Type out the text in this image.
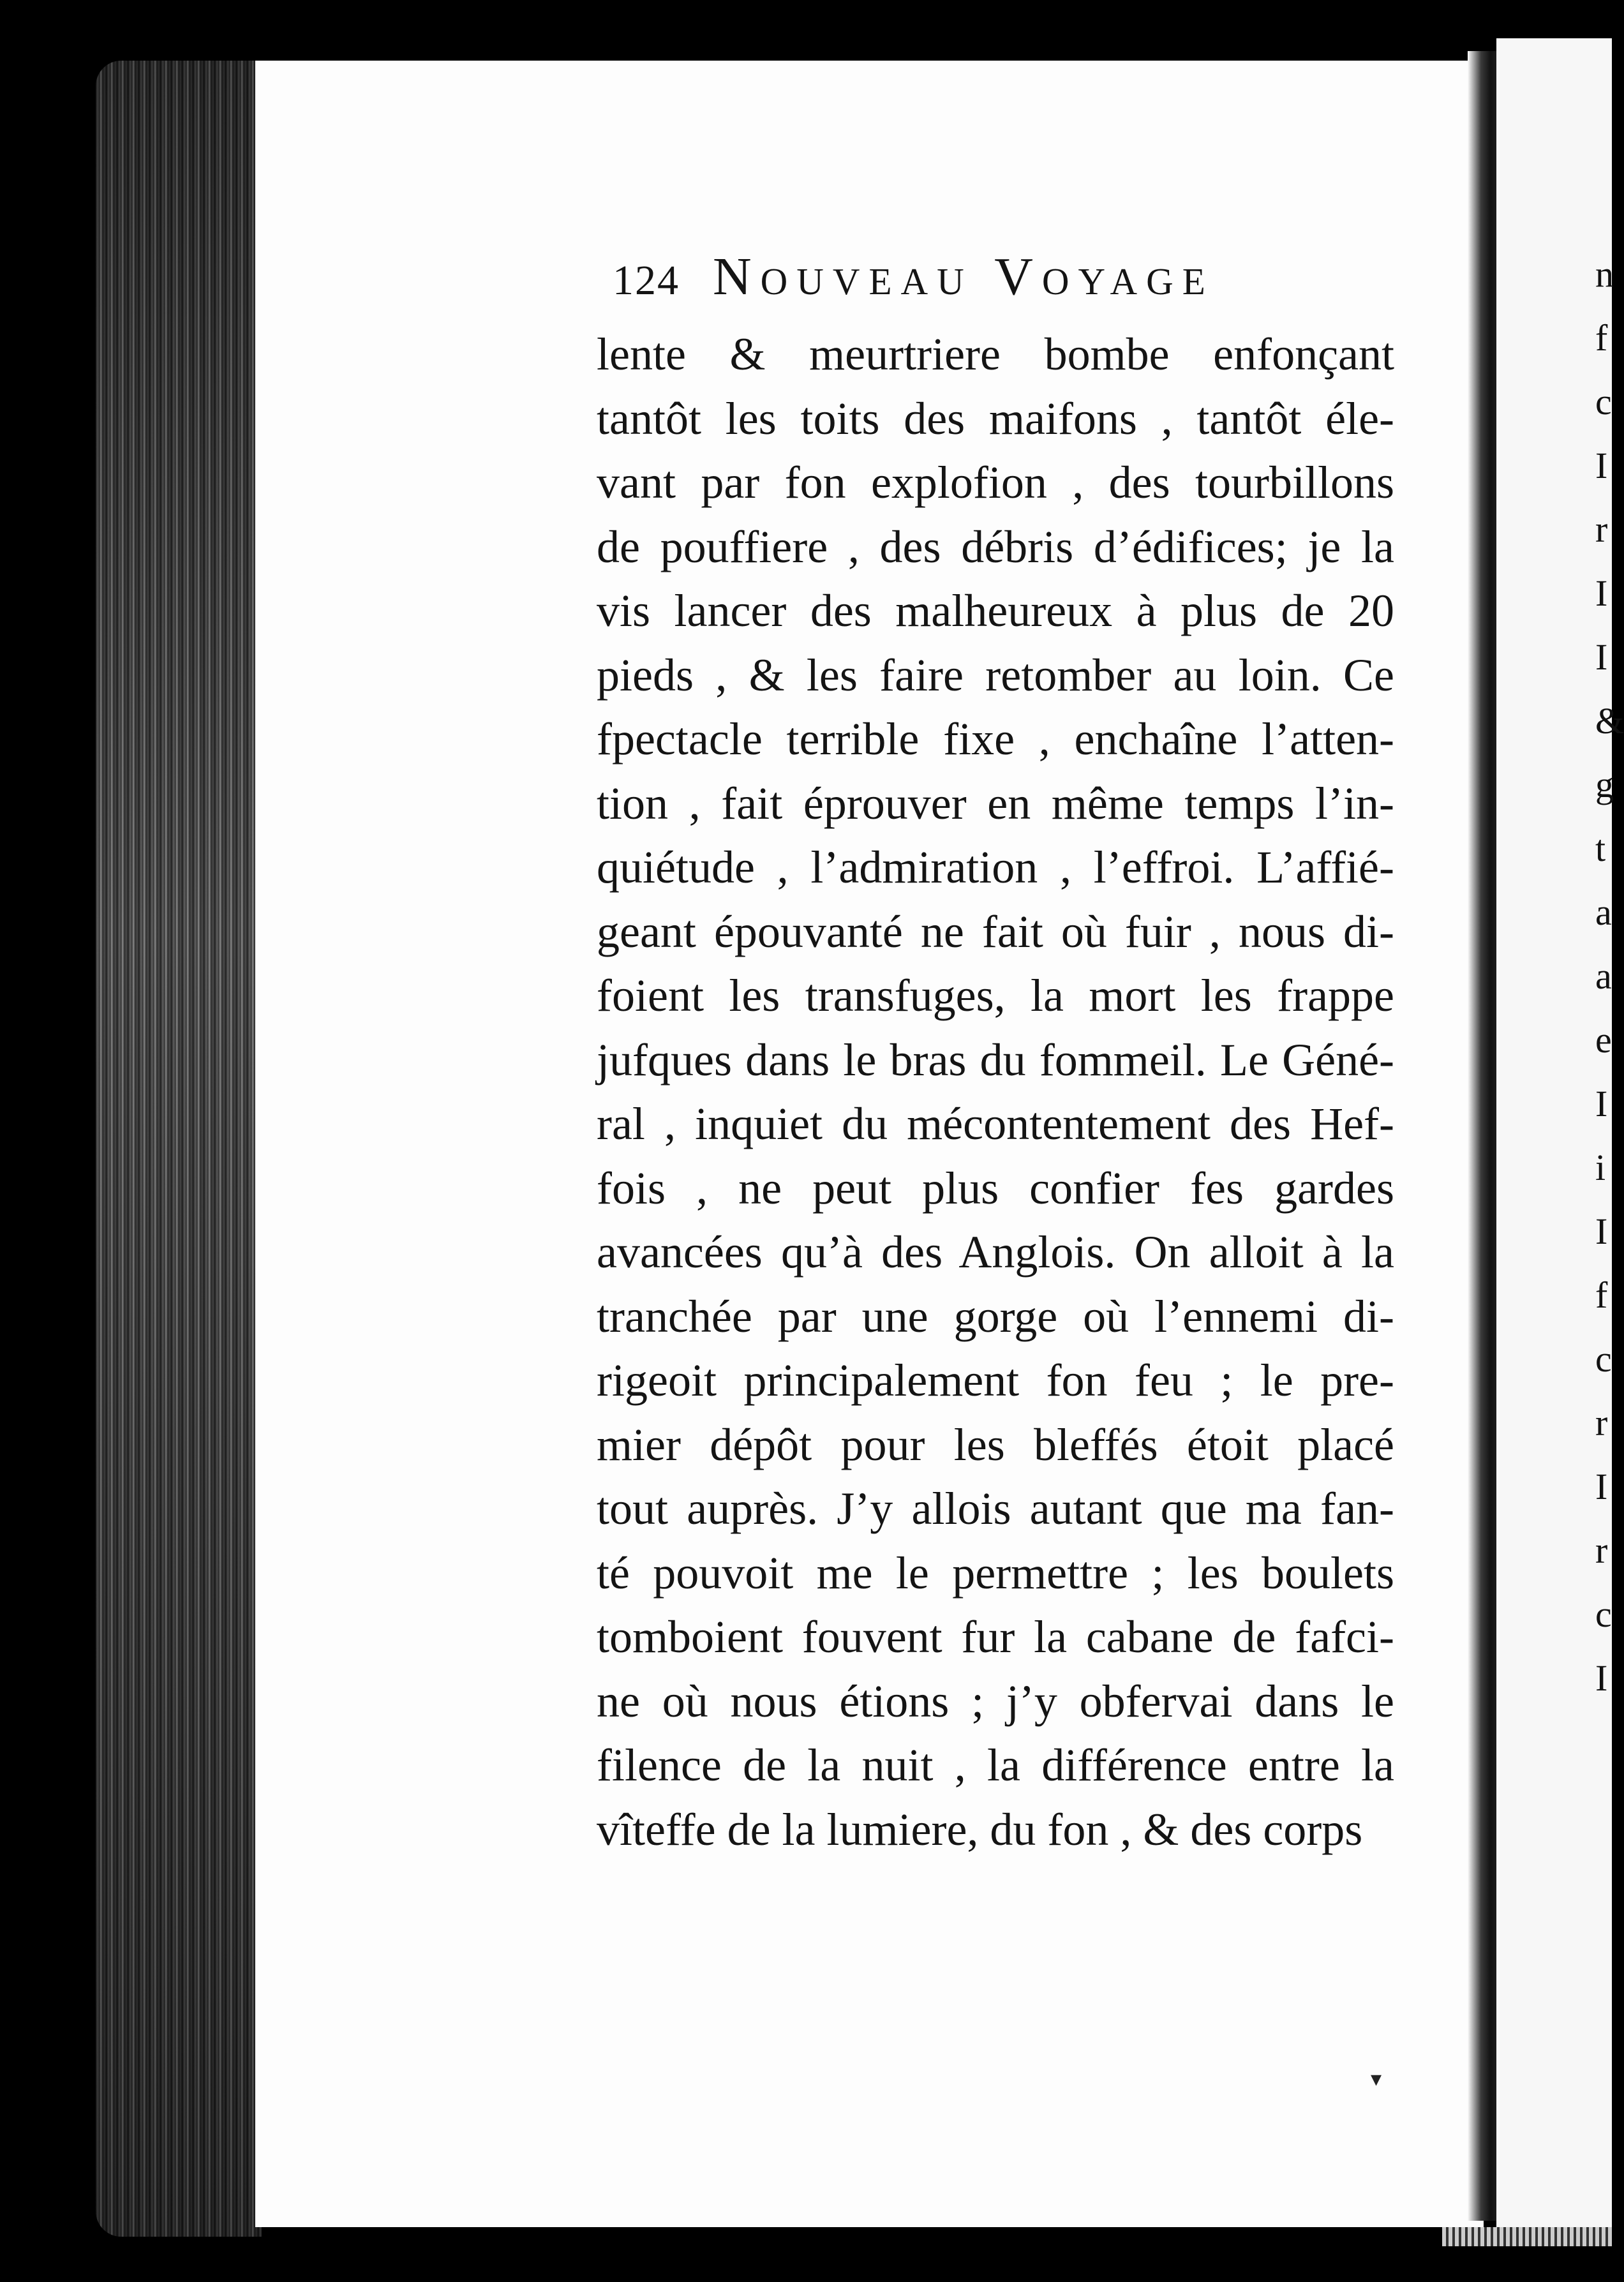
n
f
c
I
r
I
I
&
g
t
a
a
e
I
i
I
f
c
r
I
r
c
I
124 Nouveau Voyage
lente & meurtriere bombe enfonçant
tantôt les toits des maifons , tantôt éle-
vant par fon explofion , des tourbillons
de pouffiere , des débris d’édifices; je la
vis lancer des malheureux à plus de 20
pieds , & les faire retomber au loin. Ce
fpectacle terrible fixe , enchaîne l’atten-
tion , fait éprouver en même temps l’in-
quiétude , l’admiration , l’effroi. L’affié-
geant épouvanté ne fait où fuir , nous di-
foient les transfuges, la mort les frappe
jufques dans le bras du fommeil. Le Géné-
ral , inquiet du mécontentement des Hef-
fois , ne peut plus confier fes gardes
avancées qu’à des Anglois. On alloit à la
tranchée par une gorge où l’ennemi di-
rigeoit principalement fon feu ; le pre-
mier dépôt pour les bleffés étoit placé
tout auprès. J’y allois autant que ma fan-
té pouvoit me le permettre ; les boulets
tomboient fouvent fur la cabane de fafci-
ne où nous étions ; j’y obfervai dans le
filence de la nuit , la différence entre la
vîteffe de la lumiere, du fon , & des corps
▾
